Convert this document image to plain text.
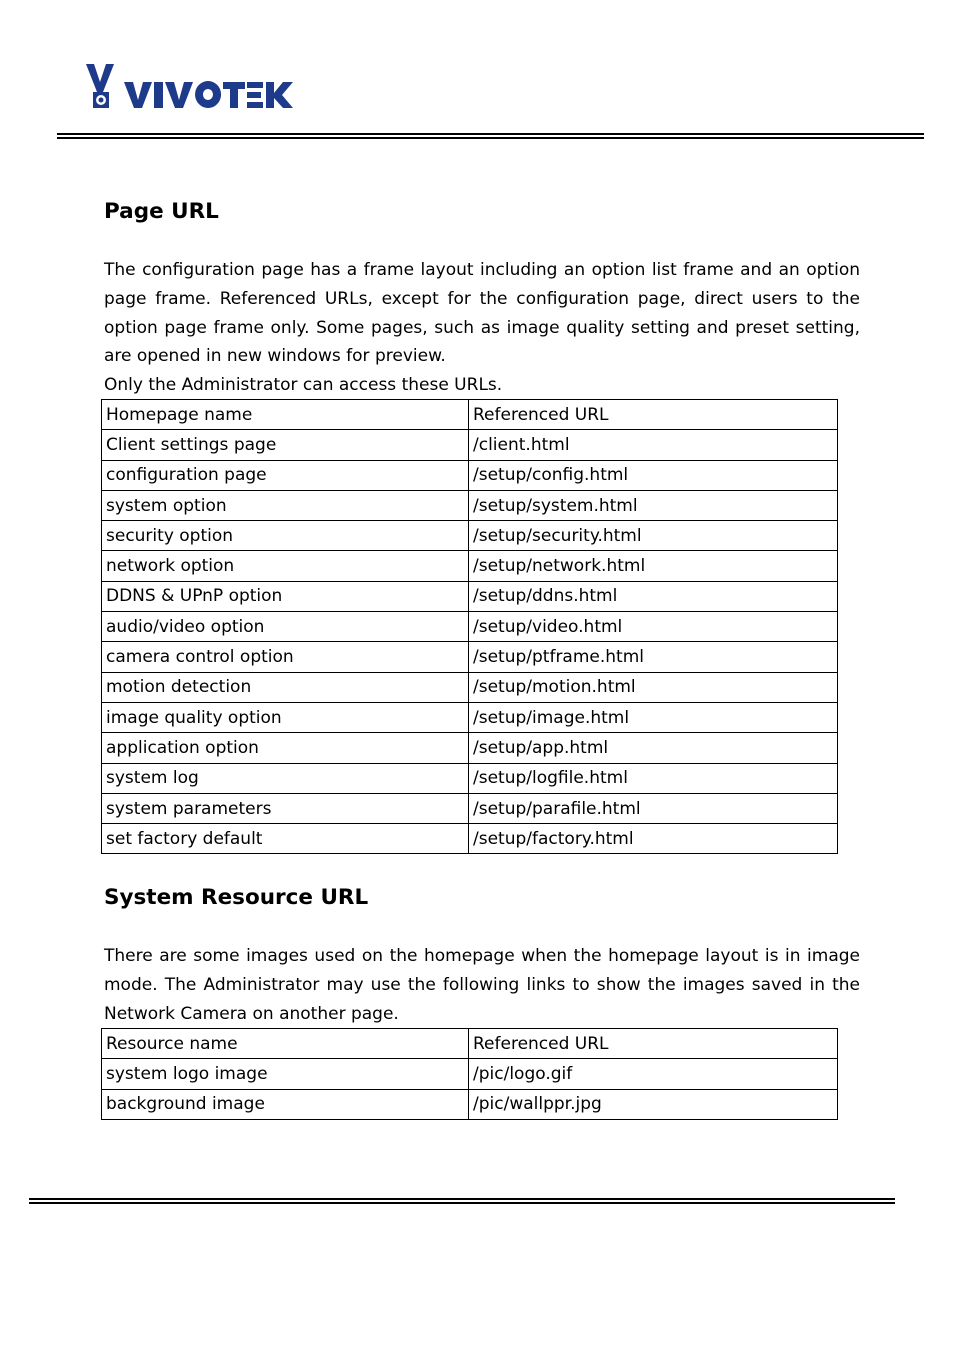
Page URL

The configuration page has a frame layout including an option list frame and an option page frame. Referenced URLs, except for the configuration page, direct users to the option page frame only. Some pages, such as image quality setting and preset setting, are opened in new windows for preview.

Only the Administrator can access these URLs.

Homepage name	Referenced URL
Client settings page	/client.html
configuration page	/setup/config.html
system option	/setup/system.html
security option	/setup/security.html
network option	/setup/network.html
DDNS & UPnP option	/setup/ddns.html
audio/video option	/setup/video.html
camera control option	/setup/ptframe.html
motion detection	/setup/motion.html
image quality option	/setup/image.html
application option	/setup/app.html
system log	/setup/logfile.html
system parameters	/setup/parafile.html
set factory default	/setup/factory.html
System Resource URL

There are some images used on the homepage when the homepage layout is in image mode. The Administrator may use the following links to show the images saved in the Network Camera on another page.

Resource name	Referenced URL
system logo image	/pic/logo.gif
background image	/pic/wallppr.jpg
